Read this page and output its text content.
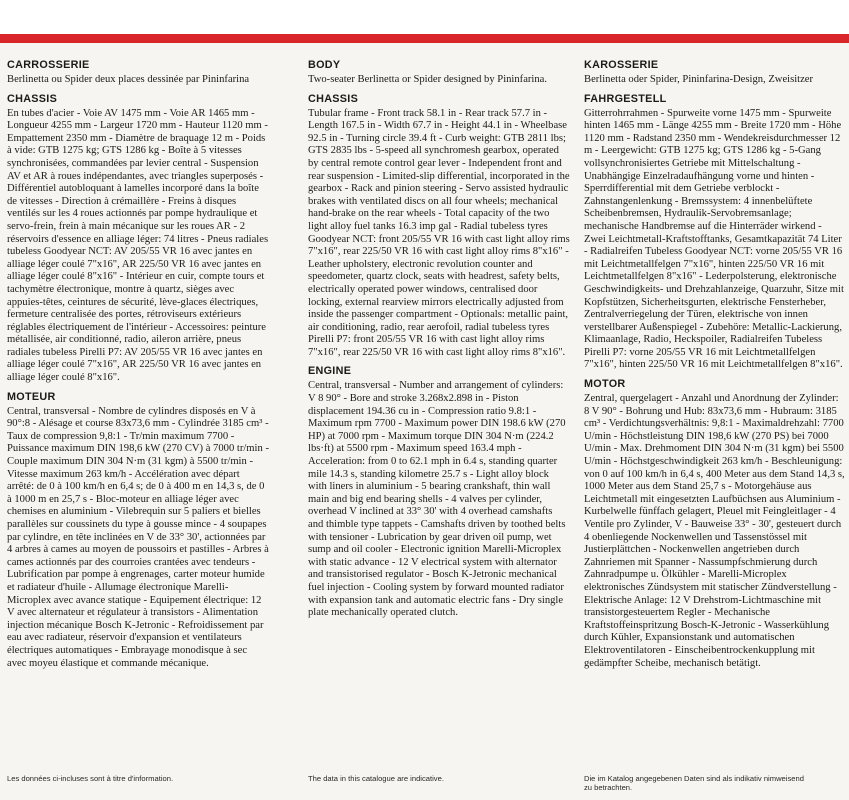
CARROSSERIE

Berlinetta ou Spider deux places dessinée par Pininfarina

CHASSIS

En tubes d'acier - Voie AV 1475 mm - Voie AR 1465 mm - Longueur 4255 mm - Largeur 1720 mm - Hauteur 1120 mm - Empattement 2350 mm - Diamètre de braquage 12 m - Poids à vide: GTB 1275 kg; GTS 1286 kg - Boîte à 5 vitesses synchronisées, commandées par levier central - Suspension AV et AR à roues indépendantes, avec triangles superposés - Différentiel autobloquant à lamelles incorporé dans la boîte de vitesses - Direction à crémaillère - Freins à disques ventilés sur les 4 roues actionnés par pompe hydraulique et servo-frein, frein à main mécanique sur les roues AR - 2 réservoirs d'essence en alliage léger: 74 litres - Pneus radiales tubeless Goodyear NCT: AV 205/55 VR 16 avec jantes en alliage léger coulé 7"x16", AR 225/50 VR 16 avec jantes en alliage léger coulé 8"x16" - Intérieur en cuir, compte tours et tachymètre électronique, montre à quartz, sièges avec appuies-têtes, ceintures de sécurité, lève-glaces électriques, fermeture centralisée des portes, rétroviseurs extérieurs réglables électriquement de l'intérieur - Accessoires: peinture métallisée, air conditionné, radio, aileron arrière, pneus radiales tubeless Pirelli P7: AV 205/55 VR 16 avec jantes en alliage léger coulé 7"x16", AR 225/50 VR 16 avec jantes en alliage léger coulé 8"x16".

MOTEUR

Central, transversal - Nombre de cylindres disposés en V à 90°:8 - Alésage et course 83x73,6 mm - Cylindrée 3185 cm³ - Taux de compression 9,8:1 - Tr/min maximum 7700 - Puissance maximum DIN 198,6 kW (270 CV) à 7000 tr/min - Couple maximum DIN 304 N·m (31 kgm) à 5500 tr/min - Vitesse maximum 263 km/h - Accélération avec départ arrêté: de 0 à 100 km/h en 6,4 s; de 0 à 400 m en 14,3 s, de 0 à 1000 m en 25,7 s - Bloc-moteur en alliage léger avec chemises en aluminium - Vilebrequin sur 5 paliers et bielles parallèles sur coussinets du type à gousse mince - 4 soupapes par cylindre, en tête inclinées en V de 33° 30', actionnées par 4 arbres à cames au moyen de poussoirs et pastilles - Arbres à cames actionnés par des courroies crantées avec tendeurs - Lubrification par pompe à engrenages, carter moteur humide et radiateur d'huile - Allumage électronique Marelli-Microplex avec avance statique - Equipement électrique: 12 V avec alternateur et régulateur à transistors - Alimentation injection mécanique Bosch K-Jetronic - Refroidissement par eau avec radiateur, réservoir d'expansion et ventilateurs électriques automatiques - Embrayage monodisque à sec avec moyeu élastique et commande mécanique.

BODY

Two-seater Berlinetta or Spider designed by Pininfarina.

CHASSIS

Tubular frame - Front track 58.1 in - Rear track 57.7 in - Length 167.5 in - Width 67.7 in - Height 44.1 in - Wheelbase 92.5 in - Turning circle 39.4 ft - Curb weight: GTB 2811 lbs; GTS 2835 lbs - 5-speed all synchromesh gearbox, operated by central remote control gear lever - Independent front and rear suspension - Limited-slip differential, incorporated in the gearbox - Rack and pinion steering - Servo assisted hydraulic brakes with ventilated discs on all four wheels; mechanical hand-brake on the rear wheels - Total capacity of the two light alloy fuel tanks 16.3 imp gal - Radial tubeless tyres Goodyear NCT: front 205/55 VR 16 with cast light alloy rims 7"x16", rear 225/50 VR 16 with cast light alloy rims 8"x16" - Leather upholstery, electronic revolution counter and speedometer, quartz clock, seats with headrest, safety belts, electrically operated power windows, centralised door locking, external rearview mirrors electrically adjusted from inside the passenger compartment - Optionals: metallic paint, air conditioning, radio, rear aerofoil, radial tubeless tyres Pirelli P7: front 205/55 VR 16 with cast light alloy rims 7"x16", rear 225/50 VR 16 with cast light alloy rims 8"x16".

ENGINE

Central, transversal - Number and arrangement of cylinders: V 8 90° - Bore and stroke 3.268x2.898 in - Piston displacement 194.36 cu in - Compression ratio 9.8:1 - Maximum rpm 7700 - Maximum power DIN 198.6 kW (270 HP) at 7000 rpm - Maximum torque DIN 304 N·m (224.2 lbs·ft) at 5500 rpm - Maximum speed 163.4 mph - Acceleration: from 0 to 62.1 mph in 6.4 s, standing quarter mile 14.3 s, standing kilometre 25.7 s - Light alloy block with liners in aluminium - 5 bearing crankshaft, thin wall main and big end bearing shells - 4 valves per cylinder, overhead V inclined at 33° 30' with 4 overhead camshafts and thimble type tappets - Camshafts driven by toothed belts with tensioner - Lubrication by gear driven oil pump, wet sump and oil cooler - Electronic ignition Marelli-Microplex with static advance - 12 V electrical system with alternator and transistorised regulator - Bosch K-Jetronic mechanical fuel injection - Cooling system by forward mounted radiator with expansion tank and automatic electric fans - Dry single plate mechanically operated clutch.

KAROSSERIE

Berlinetta oder Spider, Pininfarina-Design, Zweisitzer

FAHRGESTELL

Gitterrohrrahmen - Spurweite vorne 1475 mm - Spurweite hinten 1465 mm - Länge 4255 mm - Breite 1720 mm - Höhe 1120 mm - Radstand 2350 mm - Wendekreisdurchmesser 12 m - Leergewicht: GTB 1275 kg; GTS 1286 kg - 5-Gang vollsynchronisiertes Getriebe mit Mittelschaltung - Unabhängige Einzelradaufhängung vorne und hinten - Sperrdifferential mit dem Getriebe verblockt - Zahnstangenlenkung - Bremssystem: 4 innenbelüftete Scheibenbremsen, Hydraulik-Servobremsanlage; mechanische Handbremse auf die Hinterräder wirkend - Zwei Leichtmetall-Kraftstofftanks, Gesamtkapazität 74 Liter - Radialreifen Tubeless Goodyear NCT: vorne 205/55 VR 16 mit Leichtmetallfelgen 7"x16", hinten 225/50 VR 16 mit Leichtmetallfelgen 8"x16" - Lederpolsterung, elektronische Geschwindigkeits- und Drehzahlanzeige, Quarzuhr, Sitze mit Kopfstützen, Sicherheitsgurten, elektrische Fensterheber, Zentralverriegelung der Türen, elektrische von innen verstellbarer Außenspiegel - Zubehöre: Metallic-Lackierung, Klimaanlage, Radio, Heckspoiler, Radialreifen Tubeless Pirelli P7: vorne 205/55 VR 16 mit Leichtmetallfelgen 7"x16", hinten 225/50 VR 16 mit Leichtmetallfelgen 8"x16".

MOTOR

Zentral, quergelagert - Anzahl und Anordnung der Zylinder: 8 V 90° - Bohrung und Hub: 83x73,6 mm - Hubraum: 3185 cm³ - Verdichtungsverhältnis: 9,8:1 - Maximaldrehzahl: 7700 U/min - Höchstleistung DIN 198,6 kW (270 PS) bei 7000 U/min - Max. Drehmoment DIN 304 N·m (31 kgm) bei 5500 U/min - Höchstgeschwindigkeit 263 km/h - Beschleunigung: von 0 auf 100 km/h in 6,4 s, 400 Meter aus dem Stand 14,3 s, 1000 Meter aus dem Stand 25,7 s - Motorgehäuse aus Leichtmetall mit eingesetzten Laufbüchsen aus Aluminium - Kurbelwelle fünffach gelagert, Pleuel mit Feingleitlager - 4 Ventile pro Zylinder, V - Bauweise 33° - 30', gesteuert durch 4 obenliegende Nockenwellen und Tassenstössel mit Justierplättchen - Nockenwellen angetrieben durch Zahnriemen mit Spanner - Nassumpfschmierung durch Zahnradpumpe u. Ölkühler - Marelli-Microplex elektronisches Zündsystem mit statischer Zündverstellung - Elektrische Anlage: 12 V Drehstrom-Lichtmaschine mit transistorgesteuertem Regler - Mechanische Kraftstoffeinspritzung Bosch-K-Jetronic - Wasserkühlung durch Kühler, Expansionstank und automatischen Elektroventilatoren - Einscheibentrockenkupplung mit gedämpfter Scheibe, mechanisch betätigt.

Les données ci-incluses sont à titre d'information.	The data in this catalogue are indicative.	Die im Katalog angegebenen Daten sind als indikativ nimweisend zu betrachten.
